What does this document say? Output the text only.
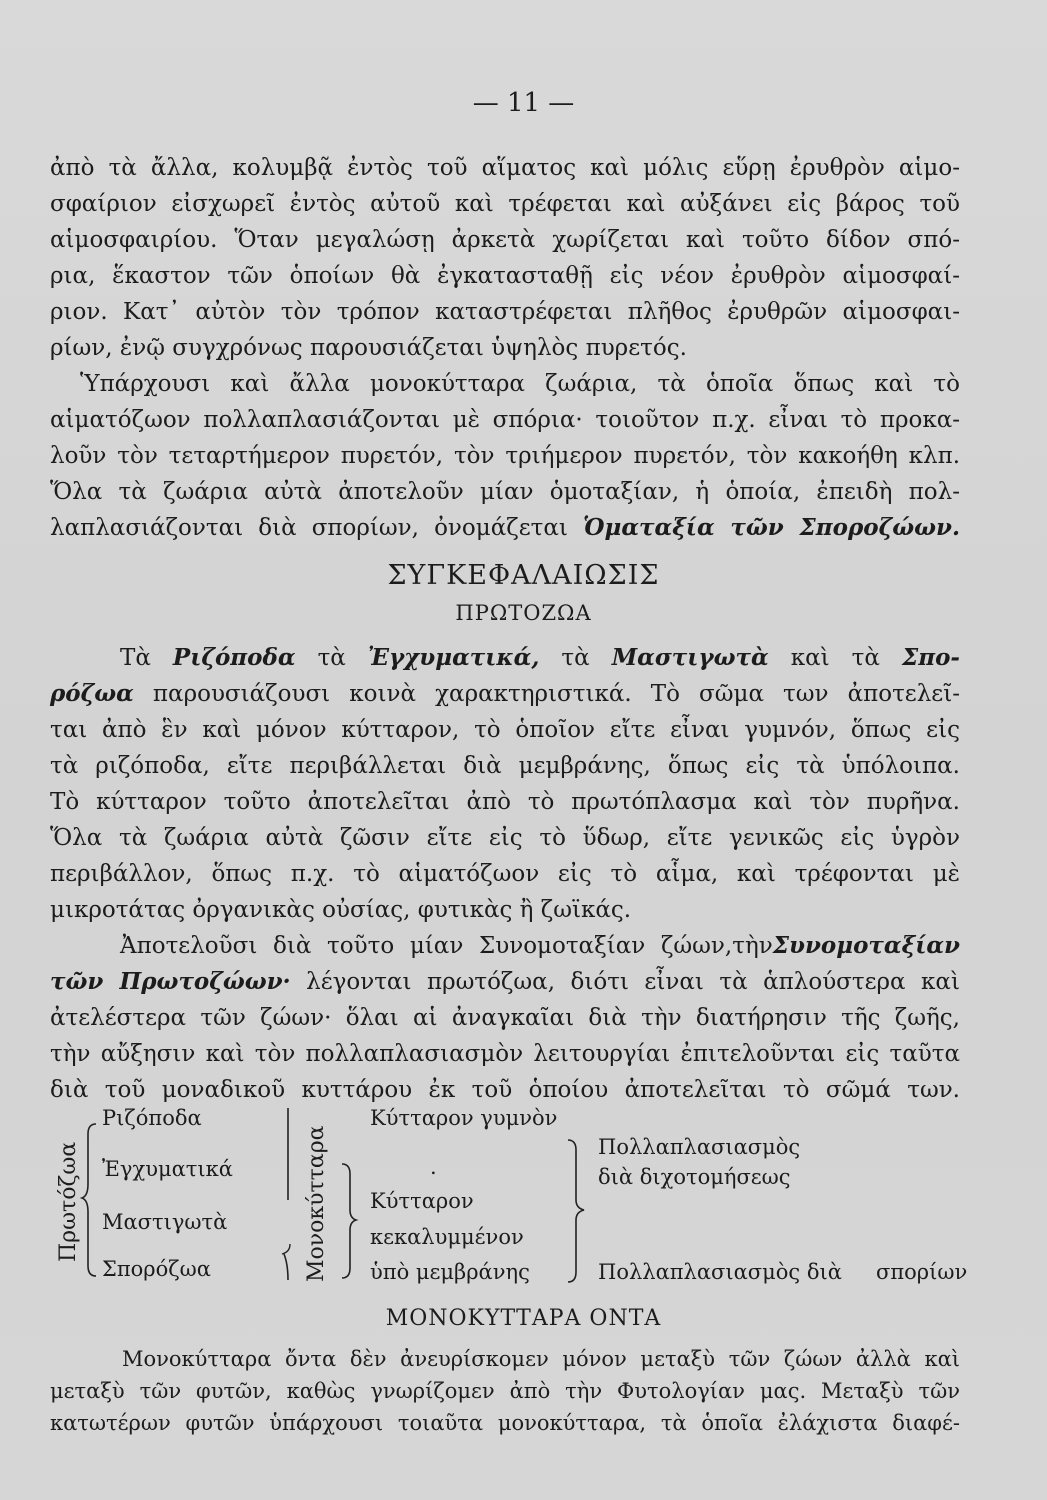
— 11 —
ἀπὸ τὰ ἄλλα, κολυμβᾷ ἐντὸς τοῦ αἵματος καὶ μόλις εὕρῃ ἐρυθρὸν αἱμο-
σφαίριον εἰσχωρεῖ ἐντὸς αὐτοῦ καὶ τρέφεται καὶ αὐξάνει εἰς βάρος τοῦ
αἱμοσφαιρίου. Ὅταν μεγαλώσῃ ἀρκετὰ χωρίζεται καὶ τοῦτο δίδον σπό-
ρια, ἕκαστον τῶν ὁποίων θὰ ἐγκατασταθῇ εἰς νέον ἐρυθρὸν αἱμοσφαί-
ριον. Κατ᾿ αὐτὸν τὸν τρόπον καταστρέφεται πλῆθος ἐρυθρῶν αἱμοσφαι-
ρίων, ἐνῷ συγχρόνως παρουσιάζεται ὑψηλὸς πυρετός.
Ὑπάρχουσι καὶ ἄλλα μονοκύτταρα ζωάρια, τὰ ὁποῖα ὅπως καὶ τὸ
αἱματόζωον πολλαπλασιάζονται μὲ σπόρια· τοιοῦτον π.χ. εἶναι τὸ προκα-
λοῦν τὸν τεταρτήμερον πυρετόν, τὸν τριήμερον πυρετόν, τὸν κακοήθη κλπ.
Ὅλα τὰ ζωάρια αὐτὰ ἀποτελοῦν μίαν ὁμοταξίαν, ἡ ὁποία, ἐπειδὴ πολ-
λαπλασιάζονται διὰ σπορίων, ὀνομάζεται Ὁματαξία τῶν Σποροζώων.
ΣΥΓΚΕΦΑΛΑΙΩΣΙΣ
ΠΡΩΤΟΖΩΑ
Τὰ Ριζόποδα τὰ Ἐγχυματικά, τὰ Μαστιγωτὰ καὶ τὰ Σπο-
ρόζωα παρουσιάζουσι κοινὰ χαρακτηριστικά. Τὸ σῶμα των ἀποτελεῖ-
ται ἀπὸ ἓν καὶ μόνον κύτταρον, τὸ ὁποῖον εἴτε εἶναι γυμνόν, ὅπως εἰς
τὰ ριζόποδα, εἴτε περιβάλλεται διὰ μεμβράνης, ὅπως εἰς τὰ ὑπόλοιπα.
Τὸ κύτταρον τοῦτο ἀποτελεῖται ἀπὸ τὸ πρωτόπλασμα καὶ τὸν πυρῆνα.
Ὅλα τὰ ζωάρια αὐτὰ ζῶσιν εἴτε εἰς τὸ ὕδωρ, εἴτε γενικῶς εἰς ὑγρὸν
περιβάλλον, ὅπως π.χ. τὸ αἱματόζωον εἰς τὸ αἷμα, καὶ τρέφονται μὲ
μικροτάτας ὀργανικὰς οὐσίας, φυτικὰς ἢ ζωϊκάς.
Ἀποτελοῦσι διὰ τοῦτο μίαν Συνομοταξίαν ζώων,τὴνΣυνομοταξίαν
τῶν Πρωτοζώων· λέγονται πρωτόζωα, διότι εἶναι τὰ ἁπλούστερα καὶ
ἀτελέστερα τῶν ζώων· ὅλαι αἱ ἀναγκαῖαι διὰ τὴν διατήρησιν τῆς ζωῆς,
τὴν αὔξησιν καὶ τὸν πολλαπλασιασμὸν λειτουργίαι ἐπιτελοῦνται εἰς ταῦτα
διὰ τοῦ μοναδικοῦ κυττάρου ἐκ τοῦ ὁποίου ἀποτελεῖται τὸ σῶμά των.
Πρωτόζωα
Ριζόποδα
Ἐγχυματικά
Μαστιγωτὰ
Σπορόζωα	Μονοκύτταρα
Κύτταρον γυμνὸν
.
Κύτταρον
κεκαλυμμένον
ὑπὸ μεμβράνης
Πολλαπλασιασμὸς
διὰ διχοτομήσεως
Πολλαπλασιασμὸς διὰ σπορίων
ΜΟΝΟΚΥΤΤΑΡΑ ΟΝΤΑ
Μονοκύτταρα ὄντα δὲν ἀνευρίσκομεν μόνον μεταξὺ τῶν ζώων ἀλλὰ καὶ
μεταξὺ τῶν φυτῶν, καθὼς γνωρίζομεν ἀπὸ τὴν Φυτολογίαν μας. Μεταξὺ τῶν
κατωτέρων φυτῶν ὑπάρχουσι τοιαῦτα μονοκύτταρα, τὰ ὁποῖα ἐλάχιστα διαφέ-
